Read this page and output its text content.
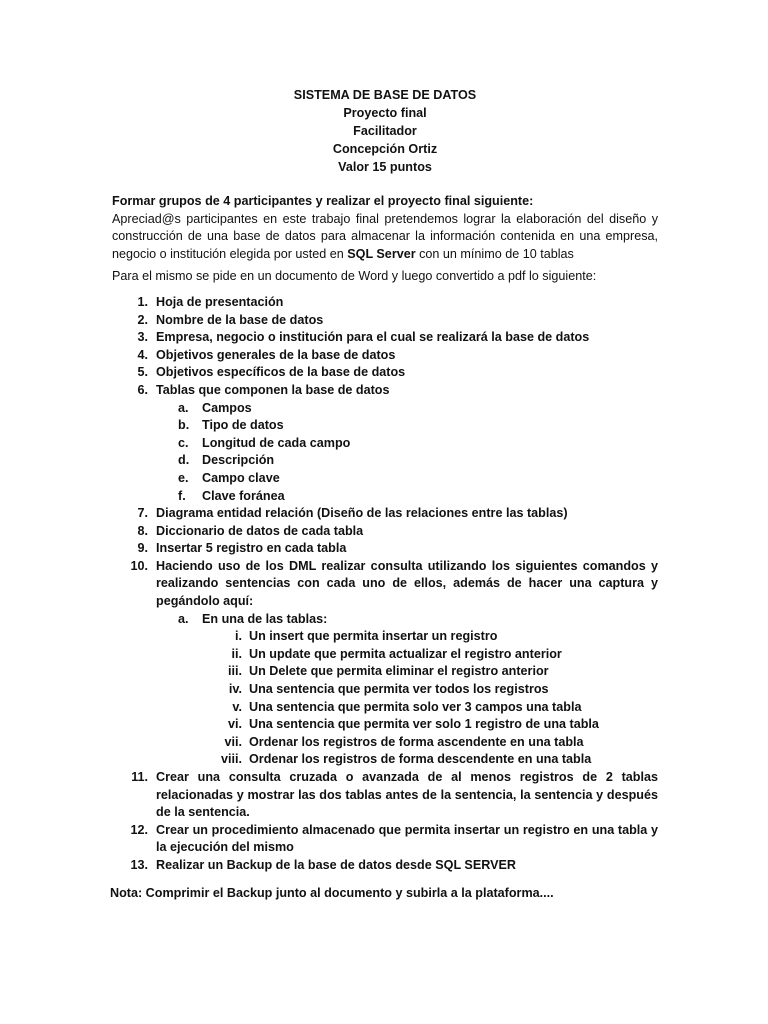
SISTEMA DE BASE DE DATOS
Proyecto final
Facilitador
Concepción Ortiz
Valor 15 puntos
Formar grupos de 4 participantes y realizar el proyecto final siguiente:
Apreciad@s participantes en este trabajo final pretendemos lograr la elaboración del diseño y construcción de una base de datos para almacenar la información contenida en una empresa, negocio o institución elegida por usted en SQL Server con un mínimo de 10 tablas
Para el mismo se pide en un documento de Word y luego convertido a pdf lo siguiente:
1. Hoja de presentación
2. Nombre de la base de datos
3. Empresa, negocio o institución para el cual se realizará la base de datos
4. Objetivos generales de la base de datos
5. Objetivos específicos de la base de datos
6. Tablas que componen la base de datos
a.	Campos
b.	Tipo de datos
c.	Longitud de cada campo
d.	Descripción
e.	Campo clave
f.	Clave foránea
7. Diagrama entidad relación (Diseño de las relaciones entre las tablas)
8. Diccionario de datos de cada tabla
9. Insertar 5 registro en cada tabla
10. Haciendo uso de los DML realizar consulta utilizando los siguientes comandos y realizando sentencias con cada uno de ellos, además de hacer una captura y pegándolo aquí:
a.	En una de las tablas:
i. Un insert que permita insertar un registro
ii. Un update que permita actualizar el registro anterior
iii. Un Delete que permita eliminar el registro anterior
iv. Una sentencia que permita ver todos los registros
v. Una sentencia que permita solo ver 3 campos una tabla
vi. Una sentencia que permita ver solo 1 registro de una tabla
vii. Ordenar los registros de forma ascendente en una tabla
viii. Ordenar los registros de forma descendente en una tabla
11. Crear una consulta cruzada o avanzada de al menos registros de 2 tablas relacionadas y mostrar las dos tablas antes de la sentencia, la sentencia y después de la sentencia.
12. Crear un procedimiento almacenado que permita insertar un registro en una tabla y la ejecución del mismo
13. Realizar un Backup de la base de datos desde SQL SERVER
Nota: Comprimir el Backup junto al documento y subirla a la plataforma....
